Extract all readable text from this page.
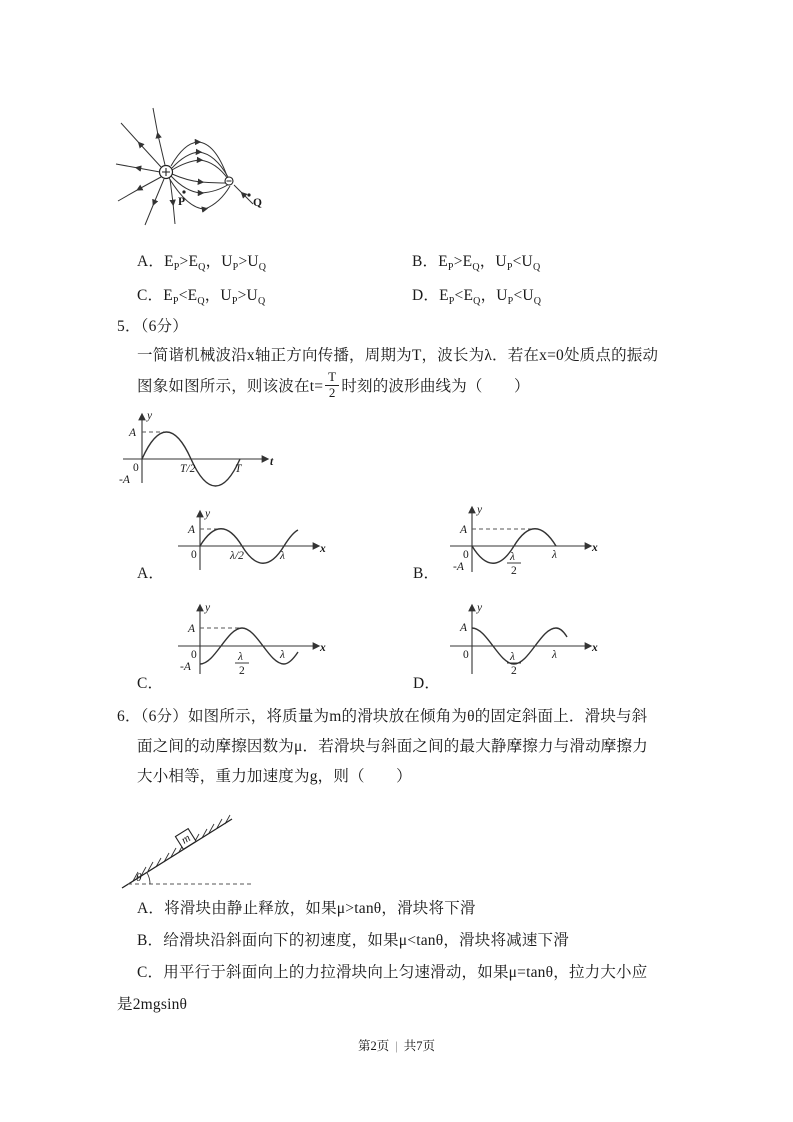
P	Q
A．$E_P>E_Q$，$U_P>U_Q$	B．$E_P>E_Q$，$U_P<U_Q$
C．$E_P<E_Q$，$U_P>U_Q$	D．$E_P<E_Q$，$U_P<U_Q$
5．（6分）
一简谐机械波沿x轴正方向传播，周期为T，波长为λ．若在x=0处质点的振动
图象如图所示，则该波在$t= \frac{T}{2}$ 时刻的波形曲线为（　　）
y
A
0	T/2	T
t
-A
y
A
0	λ/2	λ
x
A．
y
A
0	λ
2
λ
x
-A
B．
y
A
0	λ
2
λ
x
-A
C．
y
A
0	λ
2
λ
x
D．
6．（6分）如图所示，将质量为m的滑块放在倾角为θ的固定斜面上．滑块与斜
面之间的动摩擦因数为μ．若滑块与斜面之间的最大静摩擦力与滑动摩擦力
大小相等，重力加速度为g，则（　　）
m
θ
A．将滑块由静止释放，如果μ>tanθ，滑块将下滑
B．给滑块沿斜面向下的初速度，如果μ<tanθ，滑块将减速下滑
C．用平行于斜面向上的力拉滑块向上匀速滑动，如果μ=tanθ，拉力大小应
是2mgsinθ
第2页 | 共7页
